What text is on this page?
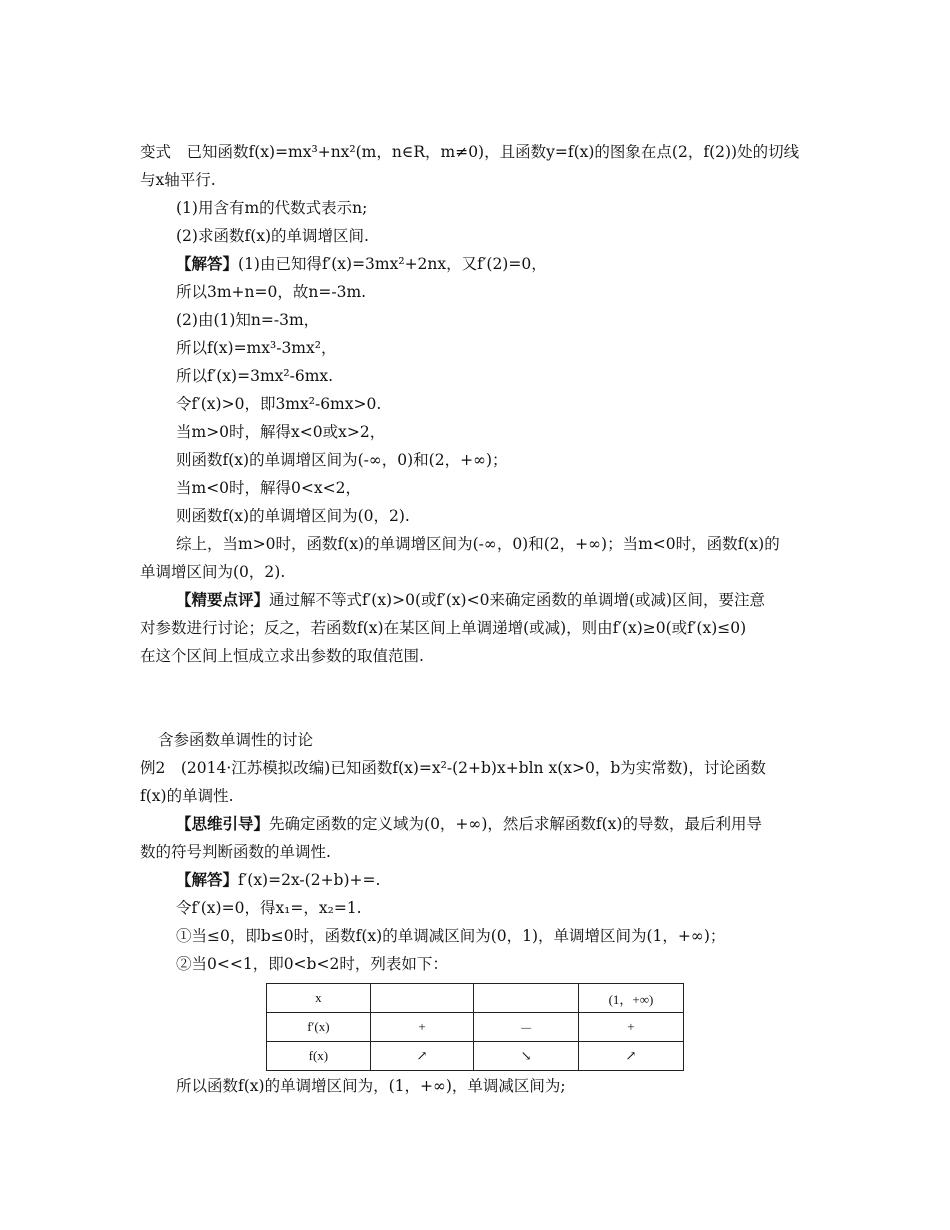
变式　已知函数f(x)=mx³+nx²(m，n∈R，m≠0)，且函数y=f(x)的图象在点(2，f(2))处的切线
与x轴平行.
(1)用含有m的代数式表示n;
(2)求函数f(x)的单调增区间.
【解答】(1)由已知得f′(x)=3mx²+2nx，又f′(2)=0，
所以3m+n=0，故n=-3m.
(2)由(1)知n=-3m，
所以f(x)=mx³-3mx²，
所以f′(x)=3mx²-6mx.
令f′(x)>0，即3mx²-6mx>0.
当m>0时，解得x<0或x>2，
则函数f(x)的单调增区间为(-∞，0)和(2，+∞)；
当m<0时，解得0<x<2，
则函数f(x)的单调增区间为(0，2).
综上，当m>0时，函数f(x)的单调增区间为(-∞，0)和(2，+∞)；当m<0时，函数f(x)的
单调增区间为(0，2).
【精要点评】通过解不等式f′(x)>0(或f′(x)<0来确定函数的单调增(或减)区间，要注意
对参数进行讨论；反之，若函数f(x)在某区间上单调递增(或减)，则由f′(x)≥0(或f′(x)≤0)
在这个区间上恒成立求出参数的取值范围.
含参函数单调性的讨论
例2　(2014·江苏模拟改编)已知函数f(x)=x²-(2+b)x+bln x(x>0，b为实常数)，讨论函数
f(x)的单调性.
【思维引导】先确定函数的定义域为(0，+∞)，然后求解函数f(x)的导数，最后利用导
数的符号判断函数的单调性.
【解答】f′(x)=2x-(2+b)+=.
令f′(x)=0，得x₁=，x₂=1.
①当≤0，即b≤0时，函数f(x)的单调减区间为(0，1)，单调增区间为(1，+∞)；
②当0<<1，即0<b<2时，列表如下：
x			(1，+∞)
f′(x)	+	－	+
f(x)	↗	↘	↗
所以函数f(x)的单调增区间为，(1，+∞)，单调减区间为;
